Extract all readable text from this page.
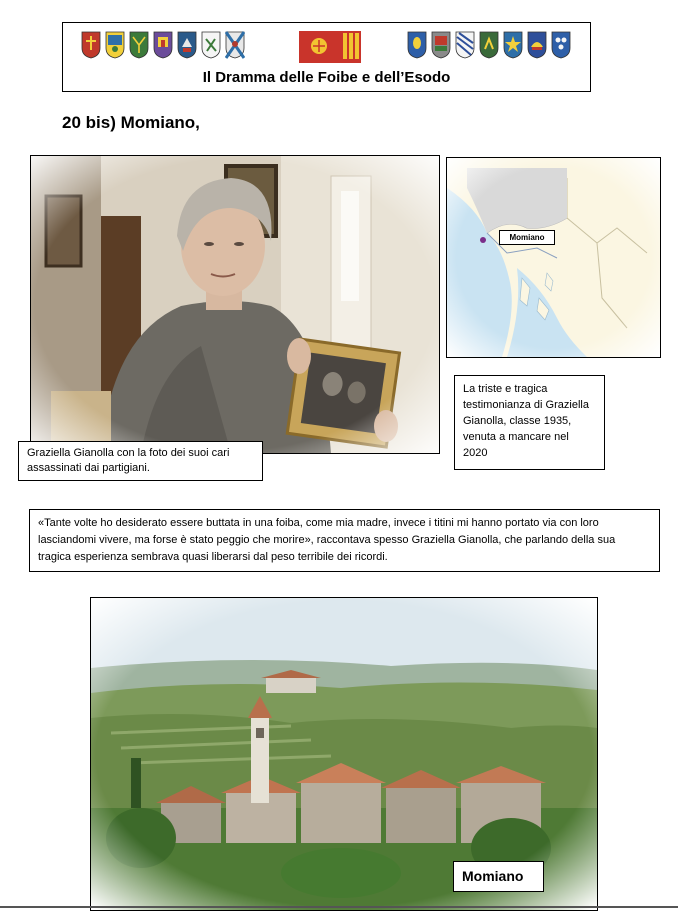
Il Dramma delle Foibe e dell’Esodo
20 bis) Momiano,
Graziella Gianolla con la foto dei suoi cari assassinati dai partigiani.
Momiano
La triste e tragica testimonianza di Graziella Gianolla, classe 1935, venuta a mancare nel 2020
«Tante volte ho desiderato essere buttata in una foiba, come mia madre, invece i titini mi hanno portato via con loro lasciandomi vivere, ma forse è stato peggio che morire», raccontava spesso Graziella Gianolla, che parlando della sua tragica esperienza sembrava quasi liberarsi dal peso terribile dei ricordi.
Momiano
